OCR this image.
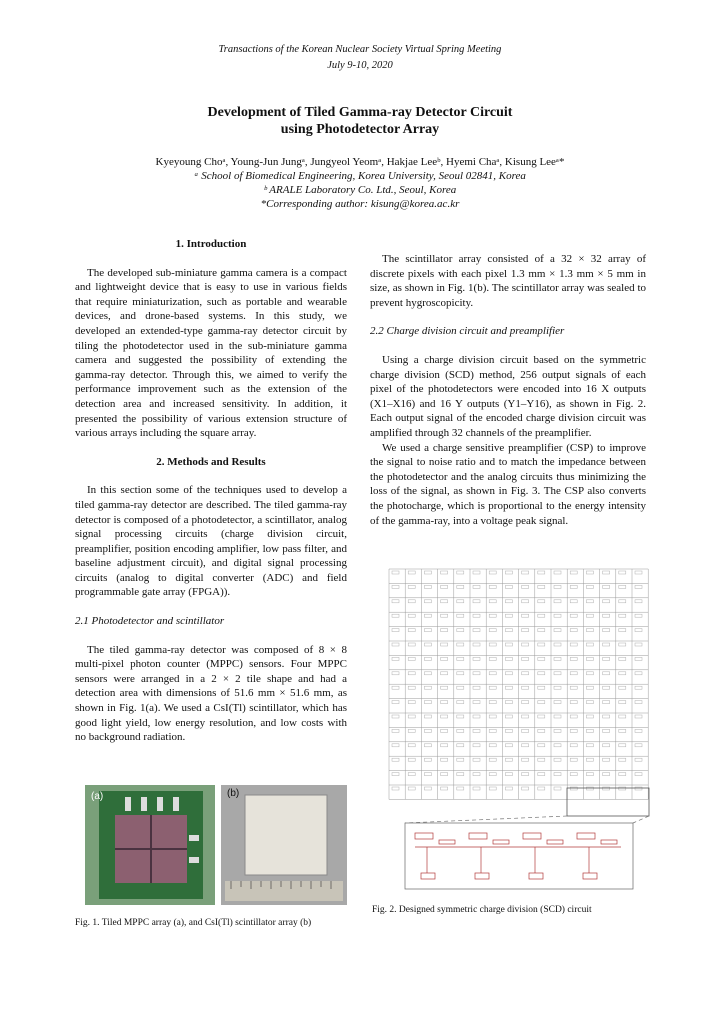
Transactions of the Korean Nuclear Society Virtual Spring Meeting
July 9-10, 2020
Development of Tiled Gamma-ray Detector Circuit
using Photodetector Array
Kyeyoung Choᵃ, Young-Jun Jungᵃ, Jungyeol Yeomᵃ, Hakjae Leeᵇ, Hyemi Chaᵃ, Kisung Leeᵃ*
ᵃ School of Biomedical Engineering, Korea University, Seoul 02841, Korea
ᵇ ARALE Laboratory Co. Ltd., Seoul, Korea
*Corresponding author: kisung@korea.ac.kr

1. Introduction

The developed sub-miniature gamma camera is a compact and lightweight device that is easy to use in various fields that require miniaturization, such as portable and wearable devices, and drone-based systems. In this study, we developed an extended-type gamma-ray detector circuit by tiling the photodetector used in the sub-miniature gamma camera and suggested the possibility of extending the gamma-ray detector. Through this, we aimed to verify the performance improvement such as the extension of the detection area and increased sensitivity. In addition, it presented the possibility of various extension structure of various arrays including the square array.

2. Methods and Results

In this section some of the techniques used to develop a tiled gamma-ray detector are described. The tiled gamma-ray detector is composed of a photodetector, a scintillator, analog signal processing circuits (charge division circuit, preamplifier, position encoding amplifier, low pass filter, and baseline adjustment circuit), and digital signal processing circuits (analog to digital converter (ADC) and field programmable gate array (FPGA)).

2.1 Photodetector and scintillator

The tiled gamma-ray detector was composed of 8 × 8 multi-pixel photon counter (MPPC) sensors. Four MPPC sensors were arranged in a 2 × 2 tile shape and had a detection area with dimensions of 51.6 mm × 51.6 mm, as shown in Fig. 1(a). We used a CsI(Tl) scintillator, which has good light yield, low energy resolution, and low costs with no background radiation.

(a)	(b)
Fig. 1. Tiled MPPC array (a), and CsI(Tl) scintillator array (b)

The scintillator array consisted of a 32 × 32 array of discrete pixels with each pixel 1.3 mm × 1.3 mm × 5 mm in size, as shown in Fig. 1(b). The scintillator array was sealed to prevent hygroscopicity.

2.2 Charge division circuit and preamplifier

Using a charge division circuit based on the symmetric charge division (SCD) method, 256 output signals of each pixel of the photodetectors were encoded into 16 X outputs (X1–X16) and 16 Y outputs (Y1–Y16), as shown in Fig. 2. Each output signal of the encoded charge division circuit was amplified through 32 channels of the preamplifier.

We used a charge sensitive preamplifier (CSP) to improve the signal to noise ratio and to match the impedance between the photodetector and the analog circuits thus minimizing the loss of the signal, as shown in Fig. 3. The CSP also converts the photocharge, which is proportional to the energy intensity of the gamma-ray, into a voltage peak signal.

Fig. 2. Designed symmetric charge division (SCD) circuit
